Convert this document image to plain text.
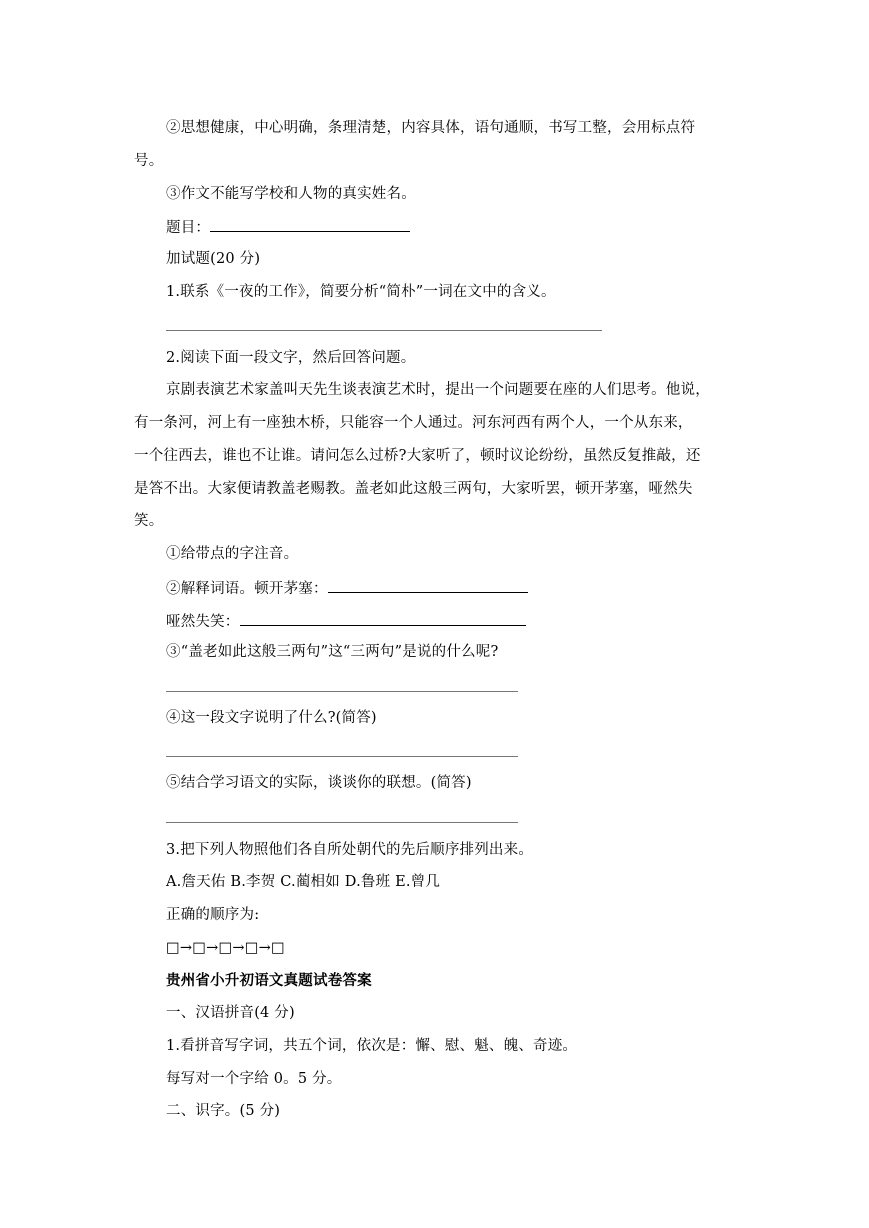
②思想健康，中心明确，条理清楚，内容具体，语句通顺，书写工整，会用标点符
号。
③作文不能写学校和人物的真实姓名。
题目：
加试题(20 分)
1.联系《一夜的工作》，简要分析“简朴”一词在文中的含义。
2.阅读下面一段文字，然后回答问题。
京剧表演艺术家盖叫天先生谈表演艺术时，提出一个问题要在座的人们思考。他说，
有一条河，河上有一座独木桥，只能容一个人通过。河东河西有两个人，一个从东来，
一个往西去，谁也不让谁。请问怎么过桥?大家听了，顿时议论纷纷，虽然反复推敲，还
是答不出。大家便请教盖老赐教。盖老如此这般三两句，大家听罢，顿开茅塞，哑然失
笑。
①给带点的字注音。
②解释词语。顿开茅塞：
哑然失笑：
③“盖老如此这般三两句”这“三两句”是说的什么呢?
④这一段文字说明了什么?(简答)
⑤结合学习语文的实际，谈谈你的联想。(简答)
3.把下列人物照他们各自所处朝代的先后顺序排列出来。
A.詹天佑 B.李贺 C.蔺相如 D.鲁班 E.曾几
正确的顺序为:
□→□→□→□→□
贵州省小升初语文真题试卷答案
一、汉语拼音(4 分)
1.看拼音写字词，共五个词，依次是：懈、慰、魁、魄、奇迹。
每写对一个字给 0。5 分。
二、识字。(5 分)
